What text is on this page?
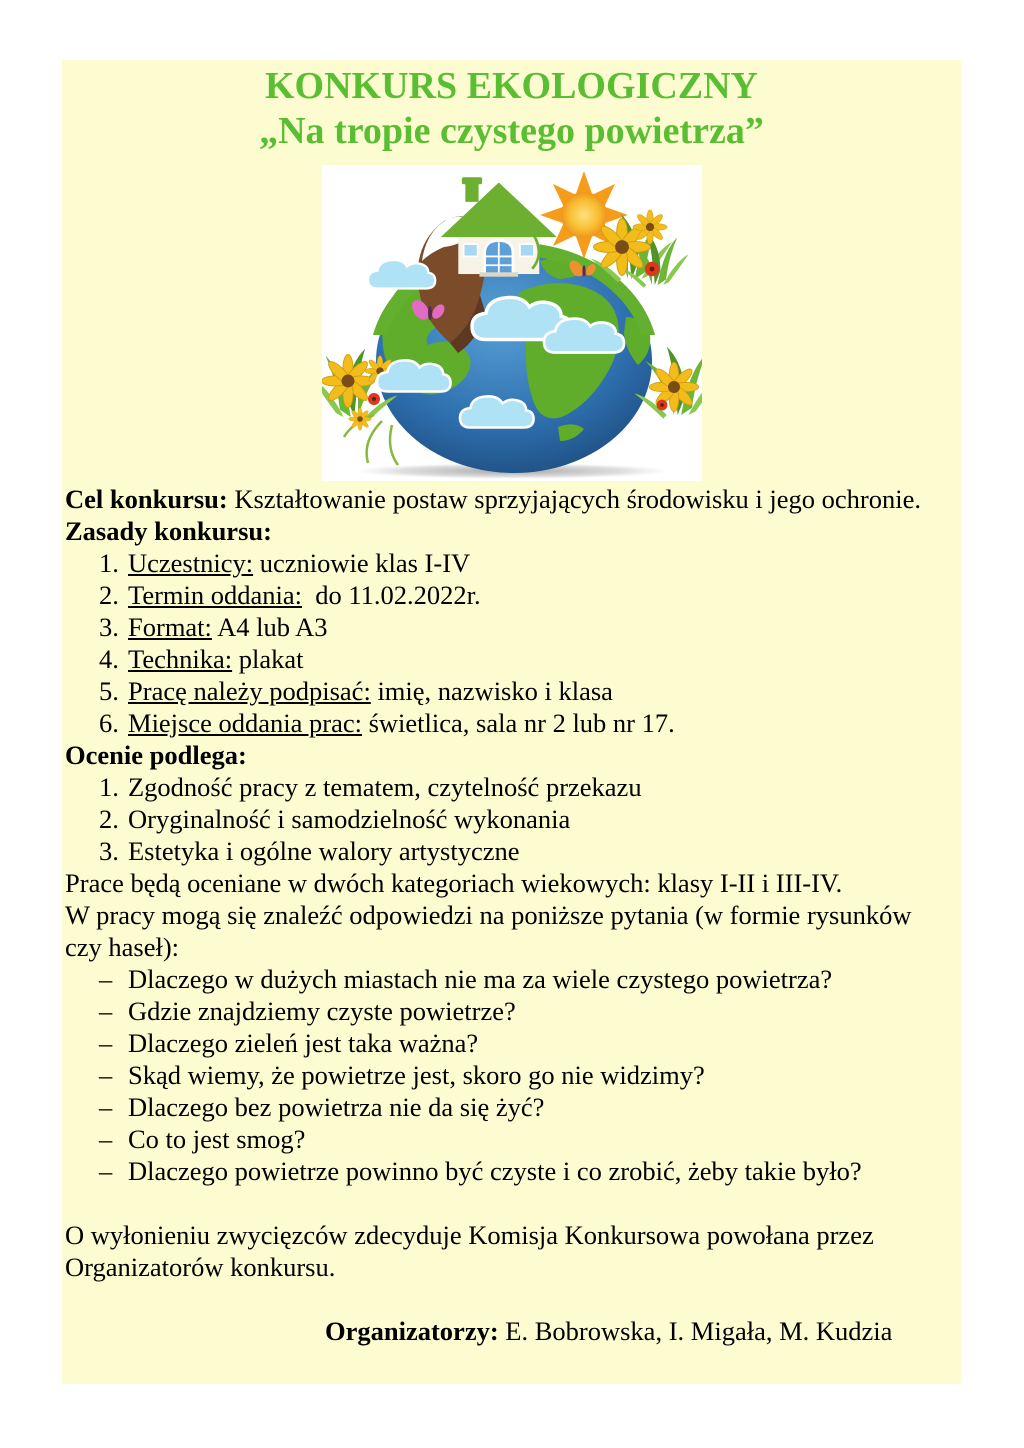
KONKURS EKOLOGICZNY
„Na tropie czystego powietrza”
Cel konkursu: Kształtowanie postaw sprzyjających środowisku i jego ochronie.
Zasady konkursu:
1. Uczestnicy: uczniowie klas I-IV
2. Termin oddania:  do 11.02.2022r.
3. Format: A4 lub A3
4. Technika: plakat
5. Pracę należy podpisać: imię, nazwisko i klasa
6. Miejsce oddania prac: świetlica, sala nr 2 lub nr 17.
Ocenie podlega:
1. Zgodność pracy z tematem, czytelność przekazu
2. Oryginalność i samodzielność wykonania
3. Estetyka i ogólne walory artystyczne
Prace będą oceniane w dwóch kategoriach wiekowych: klasy I-II i III-IV.
W pracy mogą się znaleźć odpowiedzi na poniższe pytania (w formie rysunków
czy haseł):
– Dlaczego w dużych miastach nie ma za wiele czystego powietrza?
– Gdzie znajdziemy czyste powietrze?
– Dlaczego zieleń jest taka ważna?
– Skąd wiemy, że powietrze jest, skoro go nie widzimy?
– Dlaczego bez powietrza nie da się żyć?
– Co to jest smog?
– Dlaczego powietrze powinno być czyste i co zrobić, żeby takie było?
O wyłonieniu zwycięzców zdecyduje Komisja Konkursowa powołana przez
Organizatorów konkursu.
Organizatorzy: E. Bobrowska, I. Migała, M. Kudzia
